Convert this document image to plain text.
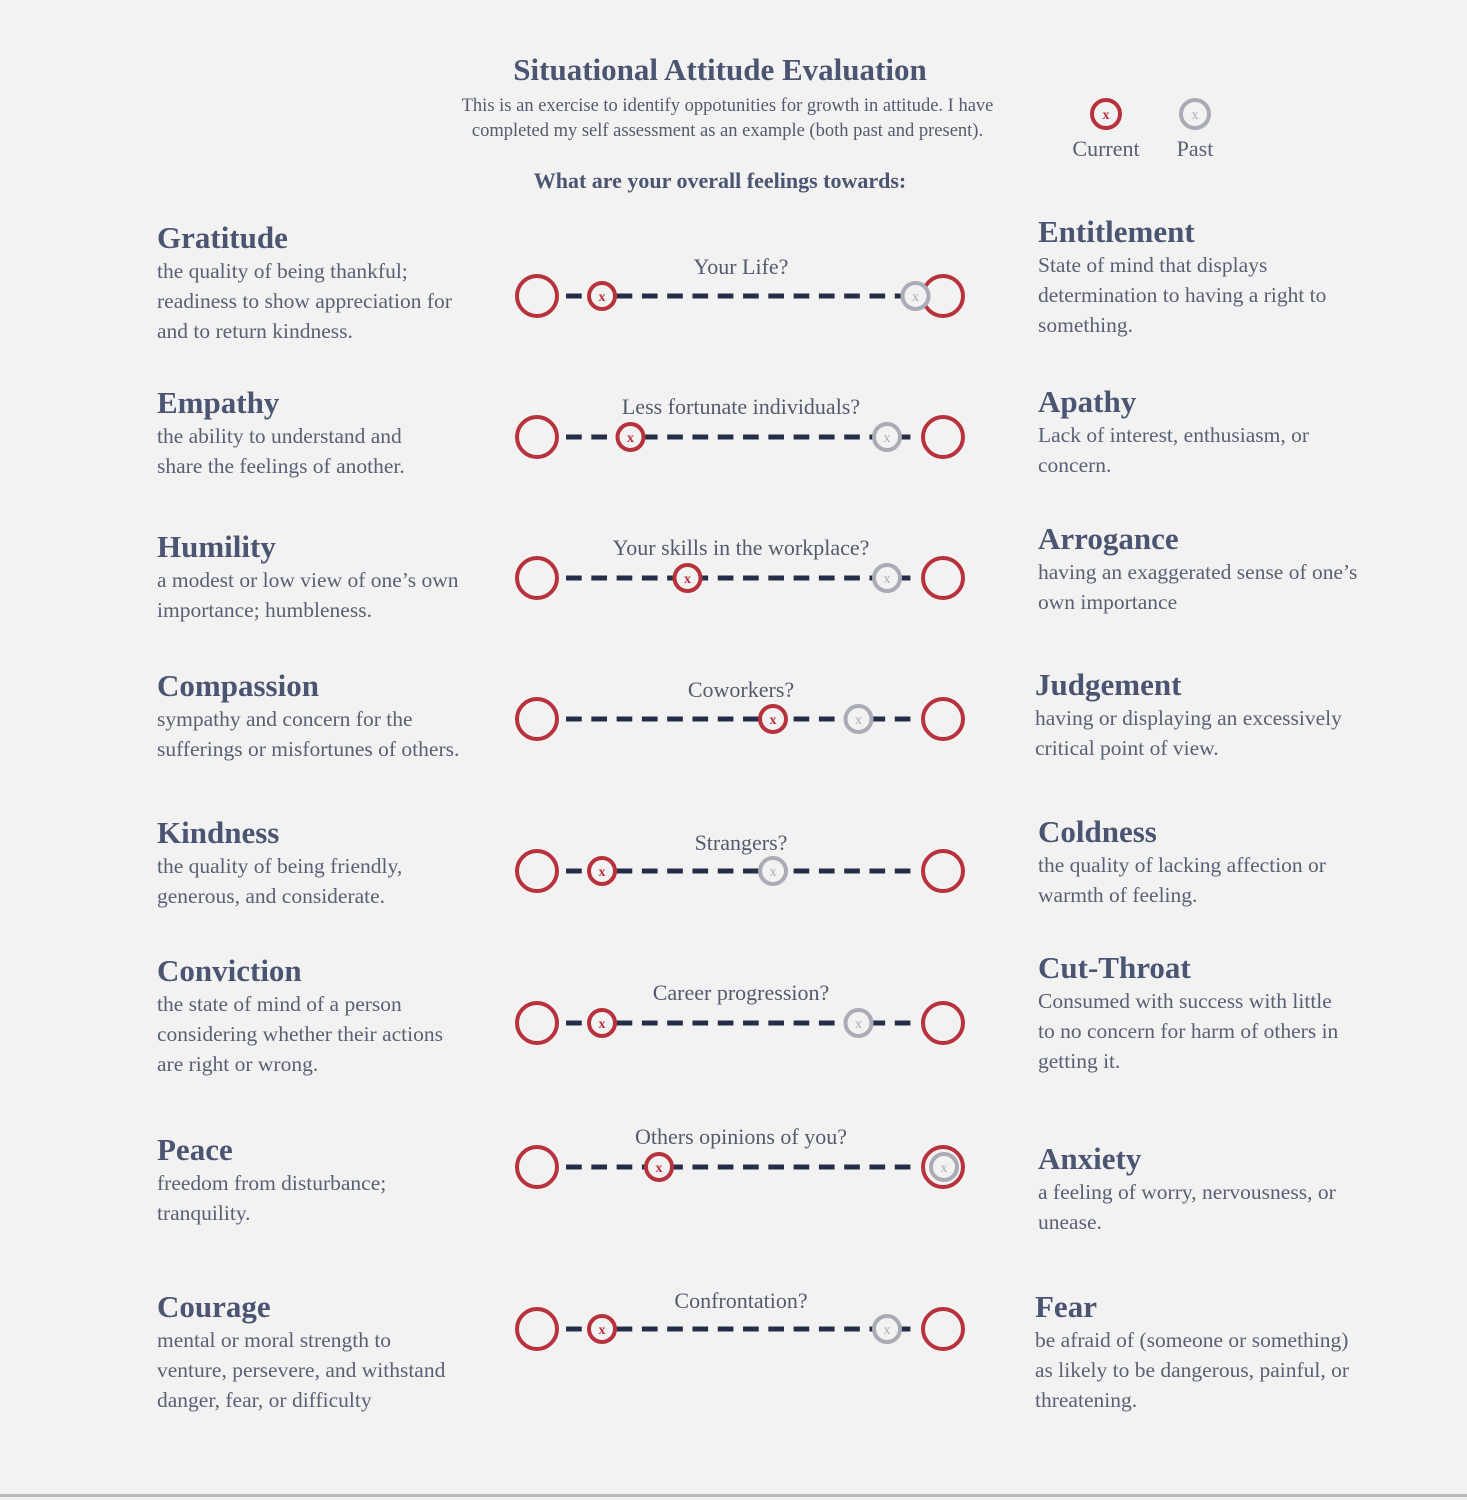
Situational Attitude Evaluation

This is an exercise to identify oppotunities for growth in attitude. I have
completed my self assessment as an example (both past and present).

x
Current
x
Past

What are your overall feelings towards:

Gratitude

the quality of being thankful;
readiness to show appreciation for
and to return kindness.

Entitlement

State of mind that displays
determination to having a right to
something.

Your Life?

x
x
Empathy

the ability to understand and
share the feelings of another.

Apathy

Lack of interest, enthusiasm, or
concern.

Less fortunate individuals?

x
x
Humility

a modest or low view of one’s own
importance; humbleness.

Arrogance

having an exaggerated sense of one’s
own importance

Your skills in the workplace?

x
x
Compassion

sympathy and concern for the
sufferings or misfortunes of others.

Judgement

having or displaying an excessively
critical point of view.

Coworkers?

x
x
Kindness

the quality of being friendly,
generous, and considerate.

Coldness

the quality of lacking affection or
warmth of feeling.

Strangers?

x
x
Conviction

the state of mind of a person
considering whether their actions
are right or wrong.

Cut-Throat

Consumed with success with little
to no concern for harm of others in
getting it.

Career progression?

x
x
Peace

freedom from disturbance;
tranquility.

Anxiety

a feeling of worry, nervousness, or
unease.

Others opinions of you?

x
x
Courage

mental or moral strength to
venture, persevere, and withstand
danger, fear, or difficulty

Fear

be afraid of (someone or something)
as likely to be dangerous, painful, or
threatening.

Confrontation?

x
x
